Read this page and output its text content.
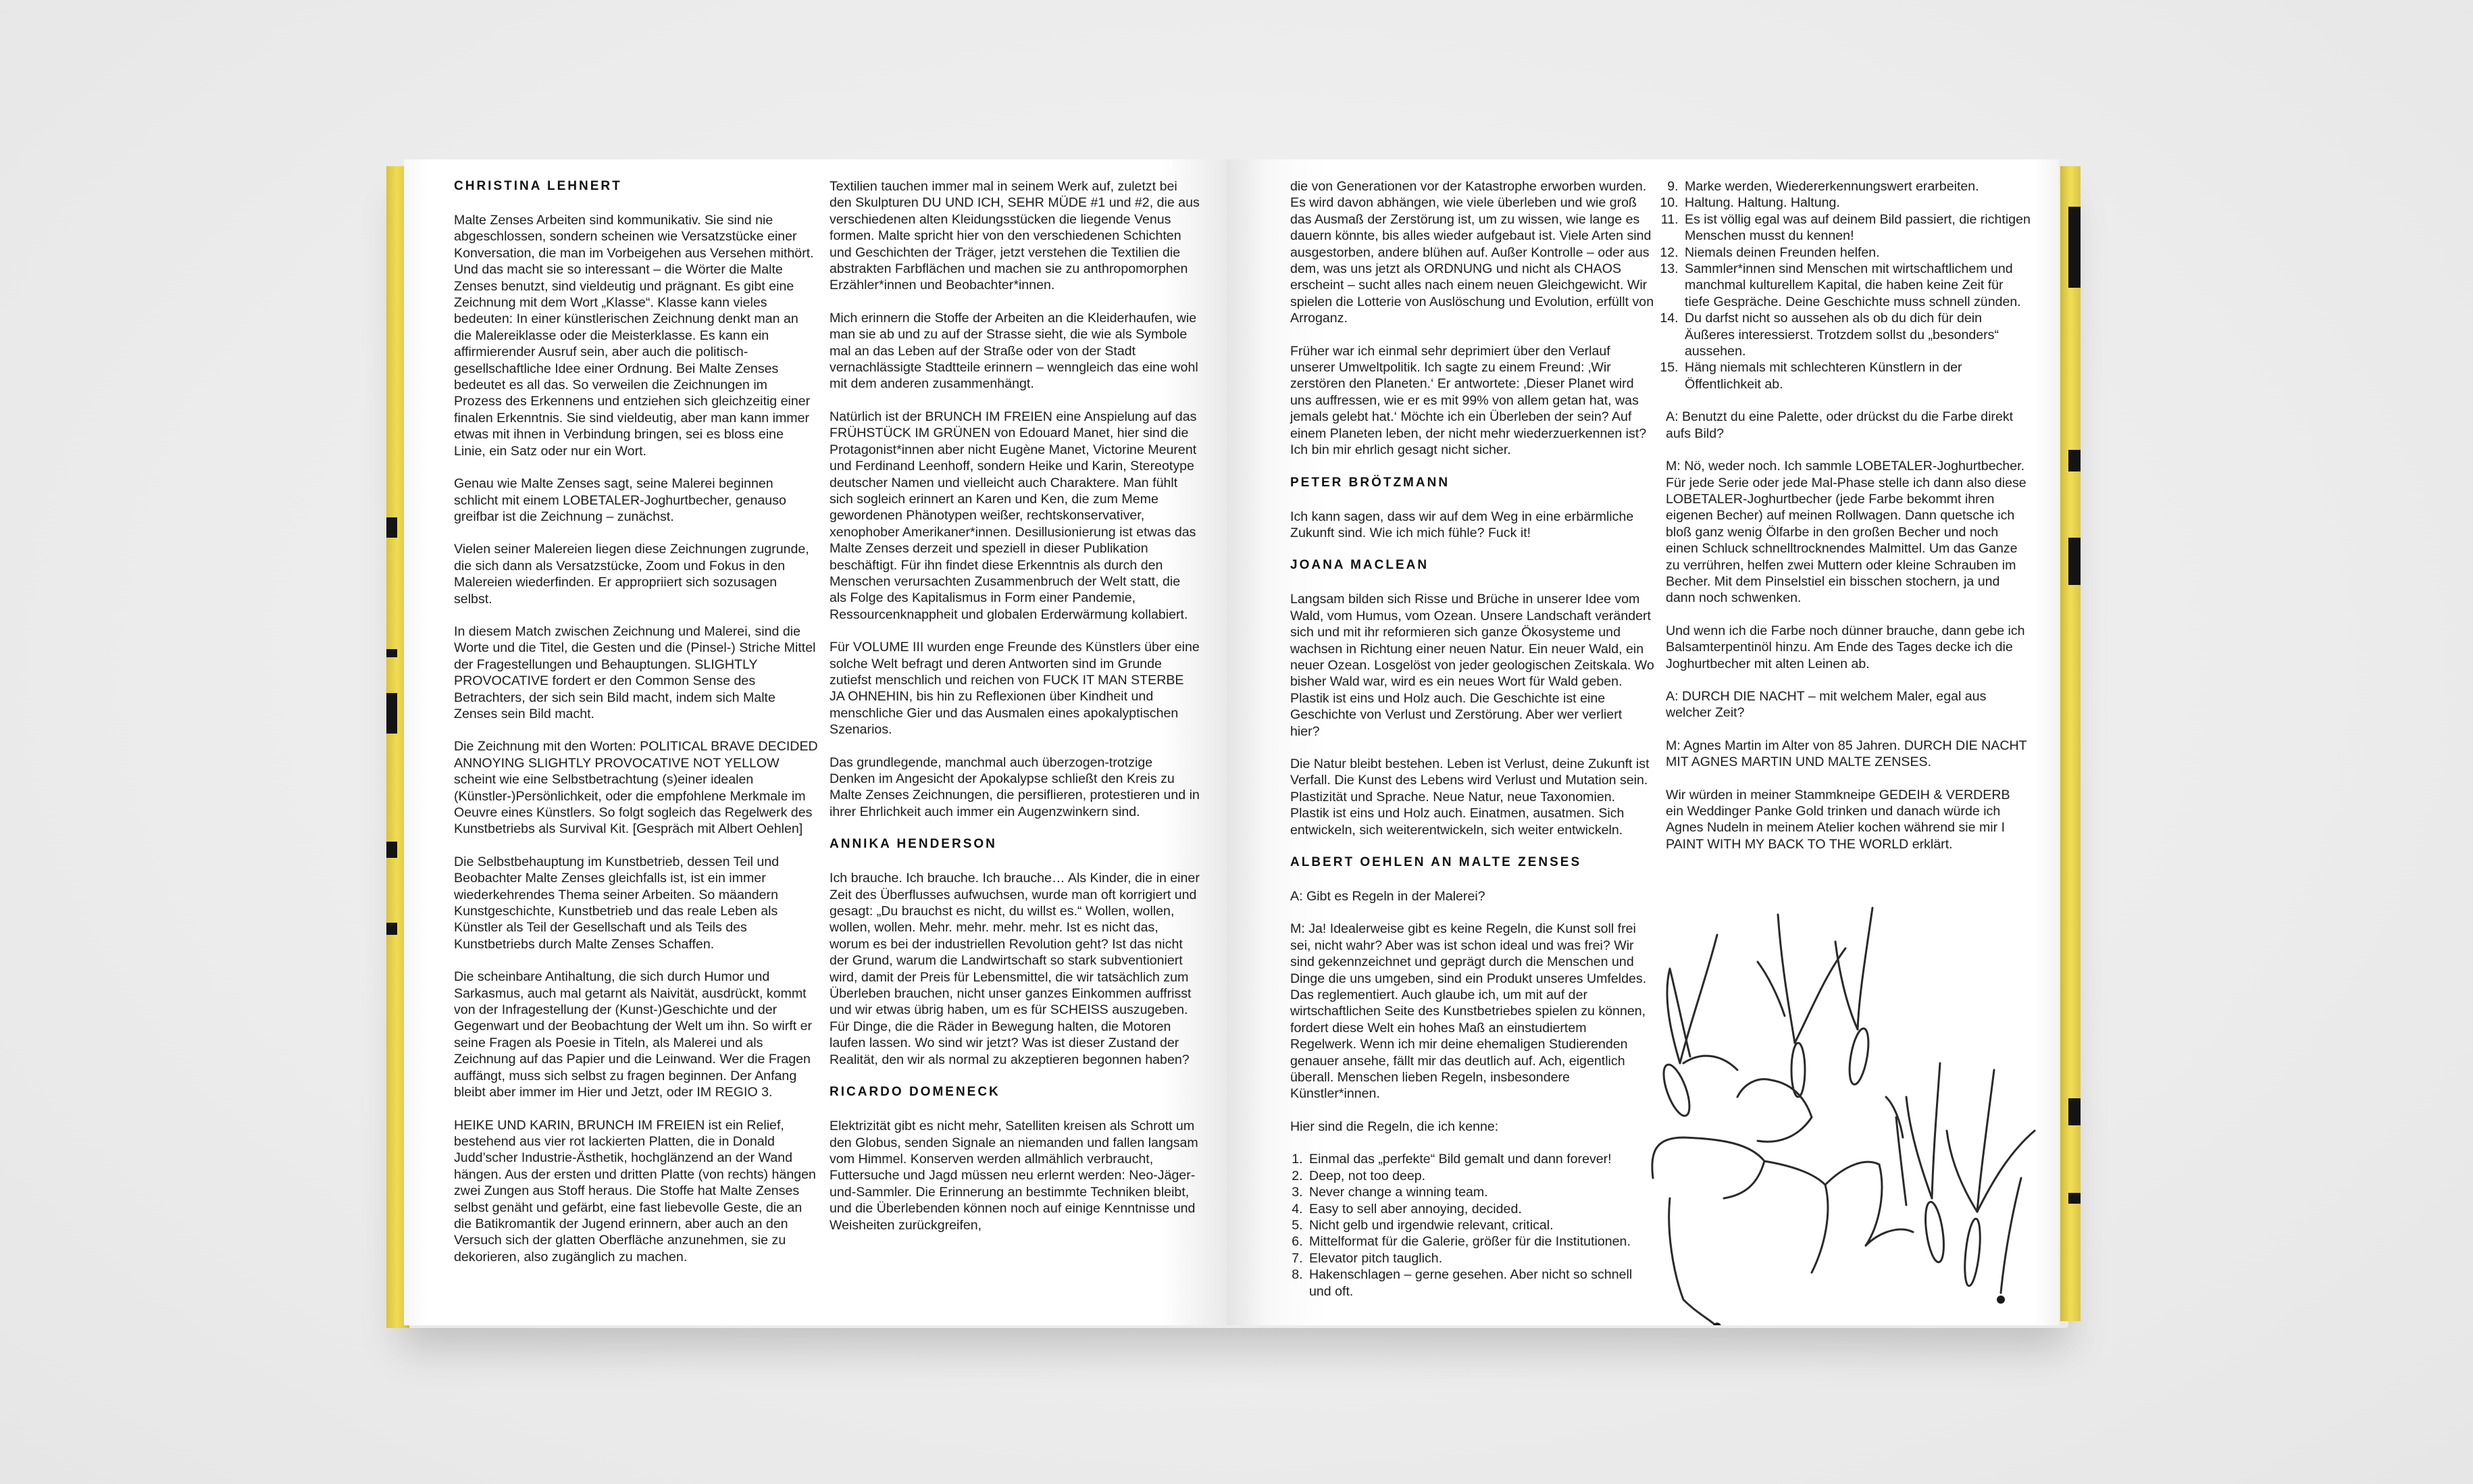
CHRISTINA LEHNERT

Malte Zenses Arbeiten sind kommunikativ. Sie sind nie abgeschlossen, sondern scheinen wie Versatzstücke einer Konversation, die man im Vorbeigehen aus Versehen mithört. Und das macht sie so interessant – die Wörter die Malte Zenses benutzt, sind vieldeutig und prägnant. Es gibt eine Zeichnung mit dem Wort „Klasse“. Klasse kann vieles bedeuten: In einer künstlerischen Zeichnung denkt man an die Malereiklasse oder die Meisterklasse. Es kann ein affirmierender Ausruf sein, aber auch die politisch-gesellschaftliche Idee einer Ordnung. Bei Malte Zenses bedeutet es all das. So verweilen die Zeichnungen im Prozess des Erkennens und entziehen sich gleichzeitig einer finalen Erkenntnis. Sie sind vieldeutig, aber man kann immer etwas mit ihnen in Verbindung bringen, sei es bloss eine Linie, ein Satz oder nur ein Wort.

Genau wie Malte Zenses sagt, seine Malerei beginnen schlicht mit einem LOBETALER-Joghurtbecher, genauso greifbar ist die Zeichnung – zunächst.

Vielen seiner Malereien liegen diese Zeichnungen zugrunde, die sich dann als Versatzstücke, Zoom und Fokus in den Malereien wiederfinden. Er appropriiert sich sozusagen selbst.

In diesem Match zwischen Zeichnung und Malerei, sind die Worte und die Titel, die Gesten und die (Pinsel-) Striche Mittel der Fragestellungen und Behauptungen. SLIGHTLY PROVOCATIVE fordert er den Common Sense des Betrachters, der sich sein Bild macht, indem sich Malte Zenses sein Bild macht.

Die Zeichnung mit den Worten: POLITICAL BRAVE DECIDED ANNOYING SLIGHTLY PROVOCATIVE NOT YELLOW scheint wie eine Selbstbetrachtung (s)einer idealen (Künstler-)Persönlichkeit, oder die empfohlene Merkmale im Oeuvre eines Künstlers. So folgt sogleich das Regelwerk des Kunstbetriebs als Survival Kit. [Gespräch mit Albert Oehlen]

Die Selbstbehauptung im Kunstbetrieb, dessen Teil und Beobachter Malte Zenses gleichfalls ist, ist ein immer wiederkehrendes Thema seiner Arbeiten. So mäandern Kunstgeschichte, Kunstbetrieb und das reale Leben als Künstler als Teil der Gesellschaft und als Teils des Kunstbetriebs durch Malte Zenses Schaffen.

Die scheinbare Antihaltung, die sich durch Humor und Sarkasmus, auch mal getarnt als Naivität, ausdrückt, kommt von der Infragestellung der (Kunst-)Geschichte und der Gegenwart und der Beobachtung der Welt um ihn. So wirft er seine Fragen als Poesie in Titeln, als Malerei und als Zeichnung auf das Papier und die Leinwand. Wer die Fragen auffängt, muss sich selbst zu fragen beginnen. Der Anfang bleibt aber immer im Hier und Jetzt, oder IM REGIO 3.

HEIKE UND KARIN, BRUNCH IM FREIEN ist ein Relief, bestehend aus vier rot lackierten Platten, die in Donald Judd’scher Industrie-Ästhetik, hochglänzend an der Wand hängen. Aus der ersten und dritten Platte (von rechts) hängen zwei Zungen aus Stoff heraus. Die Stoffe hat Malte Zenses selbst genäht und gefärbt, eine fast liebevolle Geste, die an die Batikromantik der Jugend erinnern, aber auch an den Versuch sich der glatten Oberfläche anzunehmen, sie zu dekorieren, also zugänglich zu machen.

Textilien tauchen immer mal in seinem Werk auf, zuletzt bei den Skulpturen DU UND ICH, SEHR MÜDE #1 und #2, die aus verschiedenen alten Kleidungsstücken die liegende Venus formen. Malte spricht hier von den verschiedenen Schichten und Geschichten der Träger, jetzt verstehen die Textilien die abstrakten Farbflächen und machen sie zu anthropomorphen Erzähler*innen und Beobachter*innen.

Mich erinnern die Stoffe der Arbeiten an die Kleiderhaufen, wie man sie ab und zu auf der Strasse sieht, die wie als Symbole mal an das Leben auf der Straße oder von der Stadt vernachlässigte Stadtteile erinnern – wenngleich das eine wohl mit dem anderen zusammenhängt.

Natürlich ist der BRUNCH IM FREIEN eine Anspielung auf das FRÜHSTÜCK IM GRÜNEN von Edouard Manet, hier sind die Protagonist*innen aber nicht Eugène Manet, Victorine Meurent und Ferdinand Leenhoff, sondern Heike und Karin, Stereotype deutscher Namen und vielleicht auch Charaktere. Man fühlt sich sogleich erinnert an Karen und Ken, die zum Meme gewordenen Phänotypen weißer, rechtskonservativer, xenophober Amerikaner*innen. Desillusionierung ist etwas das Malte Zenses derzeit und speziell in dieser Publikation beschäftigt. Für ihn findet diese Erkenntnis als durch den Menschen verursachten Zusammenbruch der Welt statt, die als Folge des Kapitalismus in Form einer Pandemie, Ressourcenknappheit und globalen Erderwärmung kollabiert.

Für VOLUME III wurden enge Freunde des Künstlers über eine solche Welt befragt und deren Antworten sind im Grunde zutiefst menschlich und reichen von FUCK IT MAN STERBE JA OHNEHIN, bis hin zu Reflexionen über Kindheit und menschliche Gier und das Ausmalen eines apokalyptischen Szenarios.

Das grundlegende, manchmal auch überzogen-trotzige Denken im Angesicht der Apokalypse schließt den Kreis zu Malte Zenses Zeichnungen, die persiflieren, protestieren und in ihrer Ehrlichkeit auch immer ein Augenzwinkern sind.

ANNIKA HENDERSON

Ich brauche. Ich brauche. Ich brauche… Als Kinder, die in einer Zeit des Überflusses aufwuchsen, wurde man oft korrigiert und gesagt: „Du brauchst es nicht, du willst es.“ Wollen, wollen, wollen, wollen. Mehr. mehr. mehr. mehr. Ist es nicht das, worum es bei der industriellen Revolution geht? Ist das nicht der Grund, warum die Landwirtschaft so stark subventioniert wird, damit der Preis für Lebensmittel, die wir tatsächlich zum Überleben brauchen, nicht unser ganzes Einkommen auffrisst und wir etwas übrig haben, um es für SCHEISS auszugeben. Für Dinge, die die Räder in Bewegung halten, die Motoren laufen lassen. Wo sind wir jetzt? Was ist dieser Zustand der Realität, den wir als normal zu akzeptieren begonnen haben?

RICARDO DOMENECK

Elektrizität gibt es nicht mehr, Satelliten kreisen als Schrott um den Globus, senden Signale an niemanden und fallen langsam vom Himmel. Konserven werden allmählich verbraucht, Futtersuche und Jagd müssen neu erlernt werden: Neo-Jäger-und-Sammler. Die Erinnerung an bestimmte Techniken bleibt, und die Überlebenden können noch auf einige Kenntnisse und Weisheiten zurückgreifen,

die von Generationen vor der Katastrophe erworben wurden. Es wird davon abhängen, wie viele überleben und wie groß das Ausmaß der Zerstörung ist, um zu wissen, wie lange es dauern könnte, bis alles wieder aufgebaut ist. Viele Arten sind ausgestorben, andere blühen auf. Außer Kontrolle – oder aus dem, was uns jetzt als ORDNUNG und nicht als CHAOS erscheint – sucht alles nach einem neuen Gleichgewicht. Wir spielen die Lotterie von Auslöschung und Evolution, erfüllt von Arroganz.

Früher war ich einmal sehr deprimiert über den Verlauf unserer Umweltpolitik. Ich sagte zu einem Freund: ‚Wir zerstören den Planeten.‘ Er antwortete: ‚Dieser Planet wird uns auffressen, wie er es mit 99% von allem getan hat, was jemals gelebt hat.‘ Möchte ich ein Überleben der sein? Auf einem Planeten leben, der nicht mehr wiederzuerkennen ist? Ich bin mir ehrlich gesagt nicht sicher.

PETER BRÖTZMANN

Ich kann sagen, dass wir auf dem Weg in eine erbärmliche Zukunft sind. Wie ich mich fühle? Fuck it!

JOANA MACLEAN

Langsam bilden sich Risse und Brüche in unserer Idee vom Wald, vom Humus, vom Ozean. Unsere Landschaft verändert sich und mit ihr reformieren sich ganze Ökosysteme und wachsen in Richtung einer neuen Natur. Ein neuer Wald, ein neuer Ozean. Losgelöst von jeder geologischen Zeitskala. Wo bisher Wald war, wird es ein neues Wort für Wald geben. Plastik ist eins und Holz auch. Die Geschichte ist eine Geschichte von Verlust und Zerstörung. Aber wer verliert hier?

Die Natur bleibt bestehen. Leben ist Verlust, deine Zukunft ist Verfall. Die Kunst des Lebens wird Verlust und Mutation sein. Plastizität und Sprache. Neue Natur, neue Taxonomien. Plastik ist eins und Holz auch. Einatmen, ausatmen. Sich entwickeln, sich weiterentwickeln, sich weiter entwickeln.

ALBERT OEHLEN AN MALTE ZENSES

A: Gibt es Regeln in der Malerei?

M: Ja! Idealerweise gibt es keine Regeln, die Kunst soll frei sei, nicht wahr? Aber was ist schon ideal und was frei? Wir sind gekennzeichnet und geprägt durch die Menschen und Dinge die uns umgeben, sind ein Produkt unseres Umfeldes. Das reglementiert. Auch glaube ich, um mit auf der wirtschaftlichen Seite des Kunstbetriebes spielen zu können, fordert diese Welt ein hohes Maß an einstudiertem Regelwerk. Wenn ich mir deine ehemaligen Studierenden genauer ansehe, fällt mir das deutlich auf. Ach, eigentlich überall. Menschen lieben Regeln, insbesondere Künstler*innen.

Hier sind die Regeln, die ich kenne:

1. Einmal das „perfekte“ Bild gemalt und dann forever!
2. Deep, not too deep.
3. Never change a winning team.
4. Easy to sell aber annoying, decided.
5. Nicht gelb und irgendwie relevant, critical.
6. Mittelformat für die Galerie, größer für die Institutionen.
7. Elevator pitch tauglich.
8. Hakenschlagen – gerne gesehen. Aber nicht so schnell und oft.
9. Marke werden, Wiedererkennungswert erarbeiten.
10. Haltung. Haltung. Haltung.
11. Es ist völlig egal was auf deinem Bild passiert, die richtigen Menschen musst du kennen!
12. Niemals deinen Freunden helfen.
13. Sammler*innen sind Menschen mit wirtschaftlichem und manchmal kulturellem Kapital, die haben keine Zeit für tiefe Gespräche. Deine Geschichte muss schnell zünden.
14. Du darfst nicht so aussehen als ob du dich für dein Äußeres interessierst. Trotzdem sollst du „besonders“ aussehen.
15. Häng niemals mit schlechteren Künstlern in der Öffentlichkeit ab.

A: Benutzt du eine Palette, oder drückst du die Farbe direkt aufs Bild?

M: Nö, weder noch. Ich sammle LOBETALER-Joghurtbecher. Für jede Serie oder jede Mal-Phase stelle ich dann also diese LOBETALER-Joghurtbecher (jede Farbe bekommt ihren eigenen Becher) auf meinen Rollwagen. Dann quetsche ich bloß ganz wenig Ölfarbe in den großen Becher und noch einen Schluck schnelltrocknendes Malmittel. Um das Ganze zu verrühren, helfen zwei Muttern oder kleine Schrauben im Becher. Mit dem Pinselstiel ein bisschen stochern, ja und dann noch schwenken.

Und wenn ich die Farbe noch dünner brauche, dann gebe ich Balsamterpentinöl hinzu. Am Ende des Tages decke ich die Joghurtbecher mit alten Leinen ab.

A: DURCH DIE NACHT – mit welchem Maler, egal aus welcher Zeit?

M: Agnes Martin im Alter von 85 Jahren. DURCH DIE NACHT MIT AGNES MARTIN UND MALTE ZENSES.

Wir würden in meiner Stammkneipe GEDEIH & VERDERB ein Weddinger Panke Gold trinken und danach würde ich Agnes Nudeln in meinem Atelier kochen während sie mir I PAINT WITH MY BACK TO THE WORLD erklärt.
